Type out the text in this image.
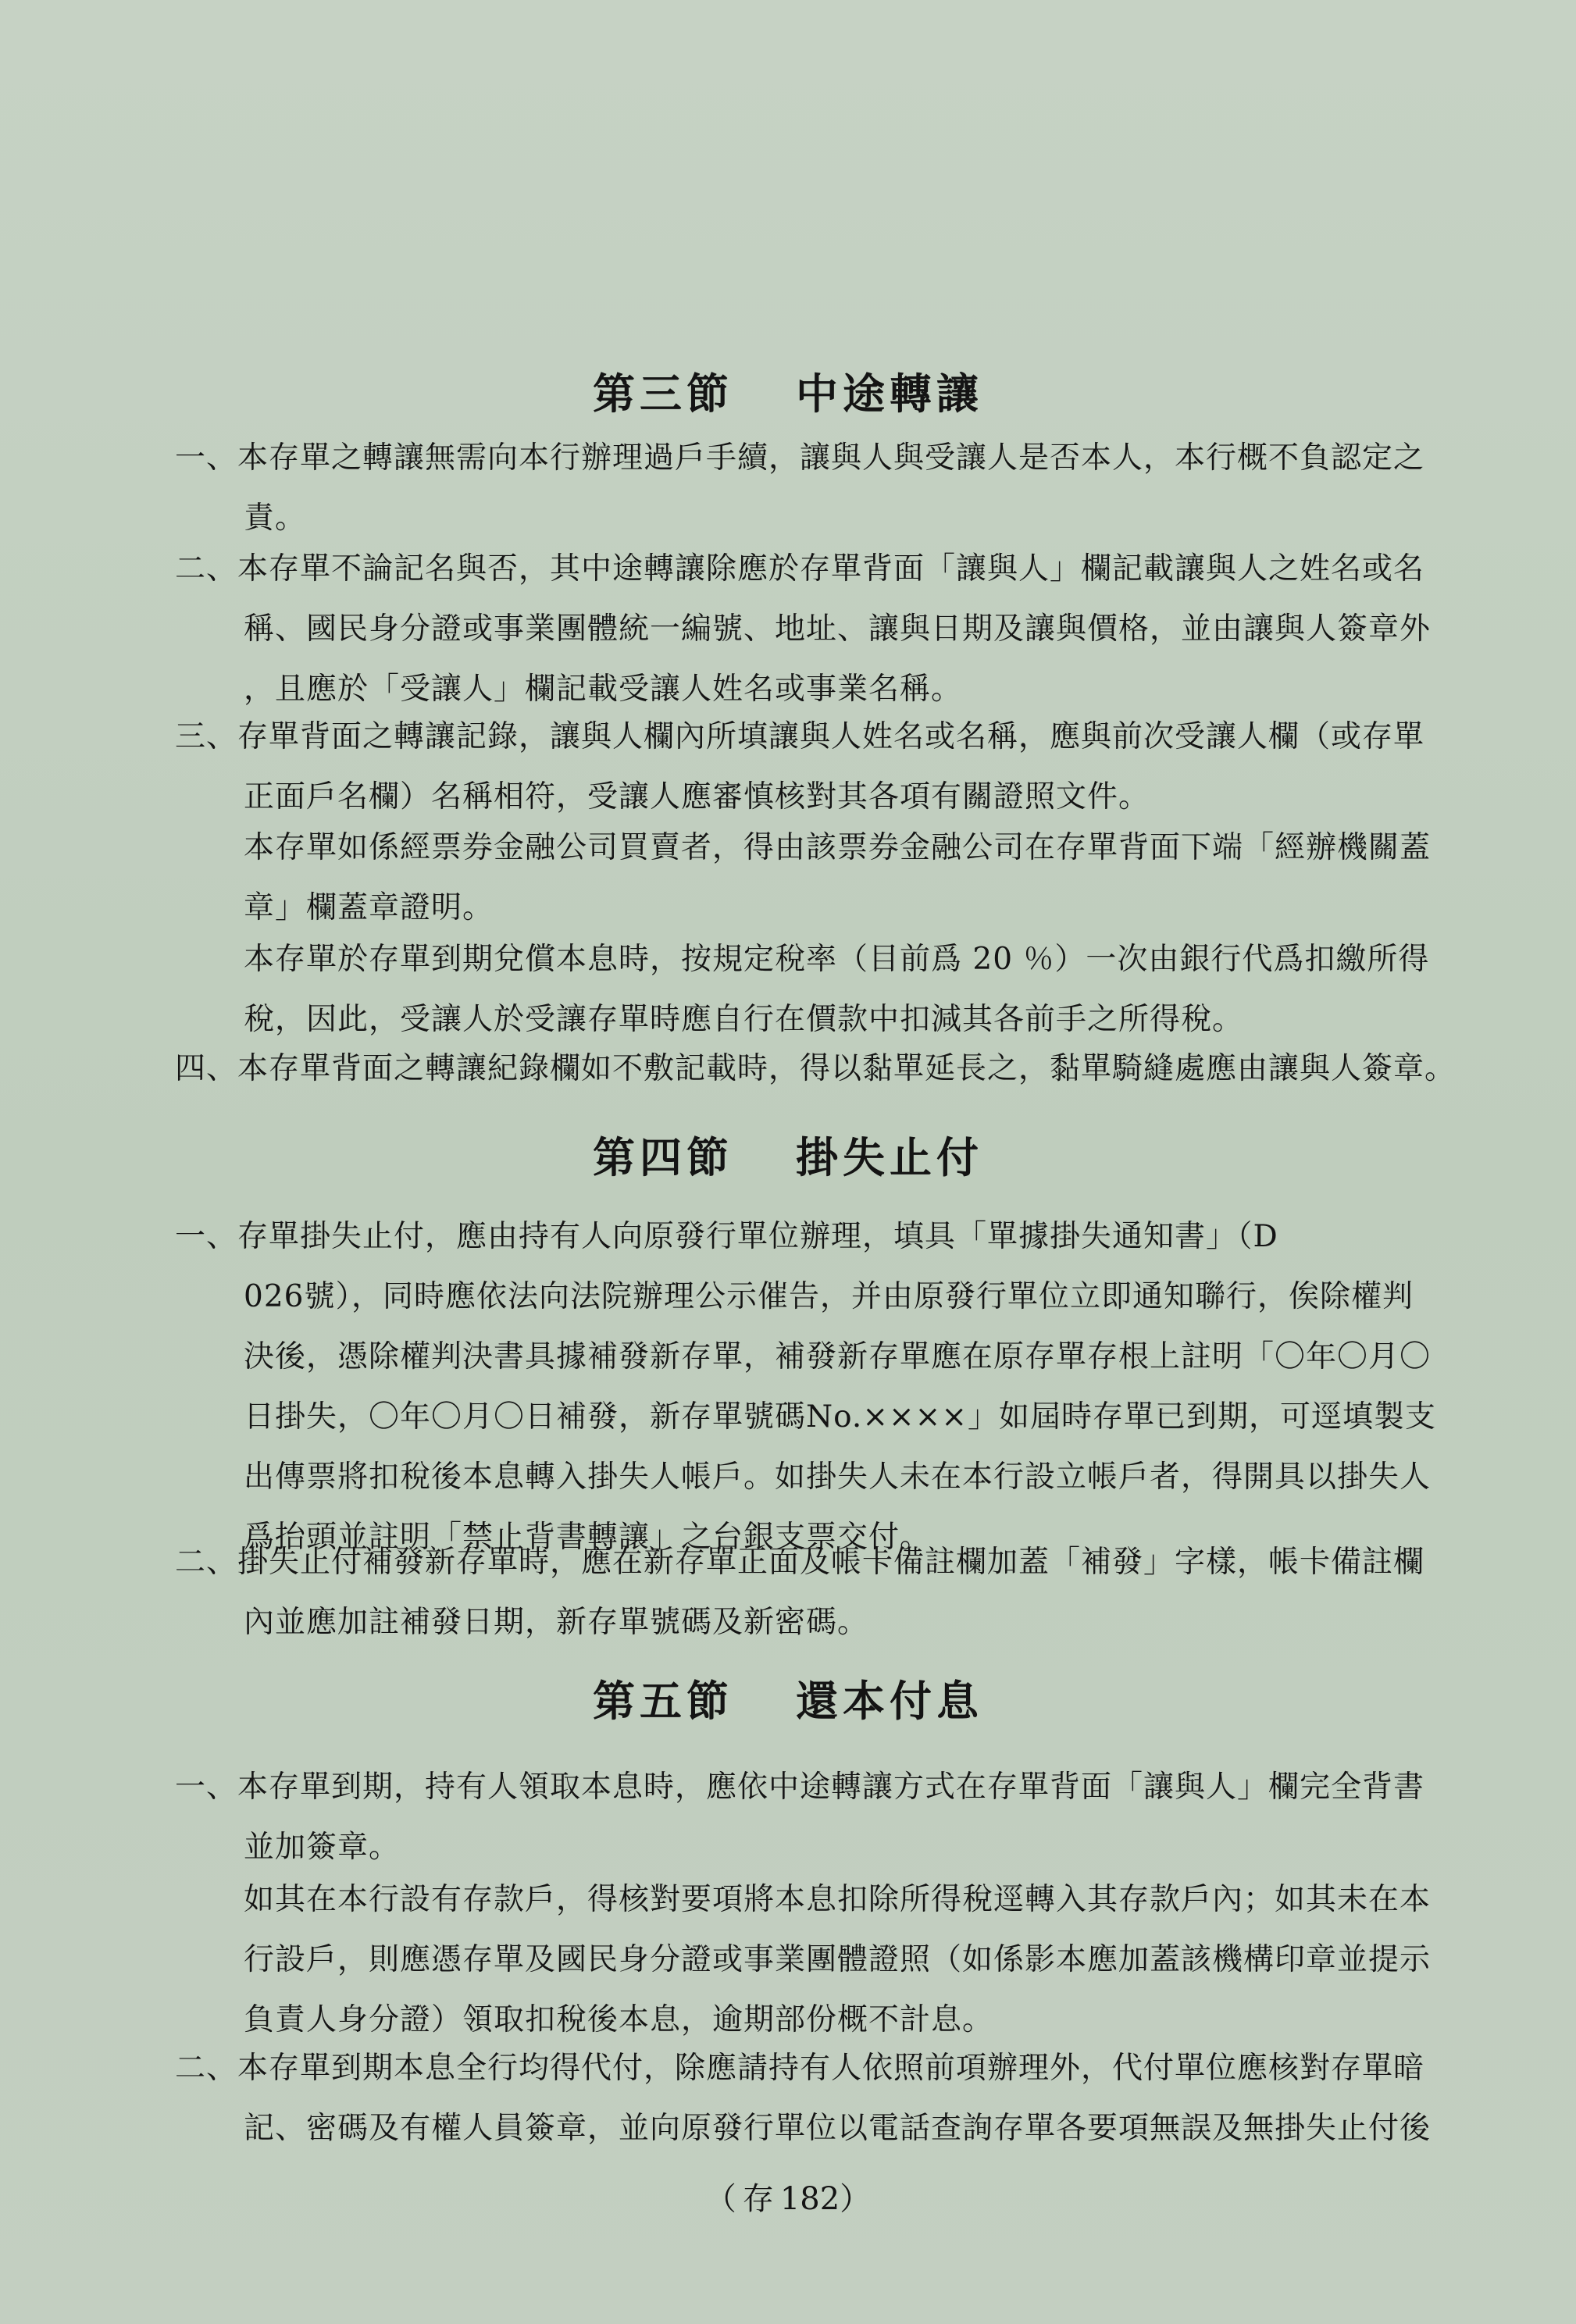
第三節 中途轉讓
一、 本存單之轉讓無需向本行辦理過戶手續，讓與人與受讓人是否本人，本行概不負認定之
責。
二、 本存單不論記名與否，其中途轉讓除應於存單背面「讓與人」欄記載讓與人之姓名或名
稱、國民身分證或事業團體統一編號、地址、讓與日期及讓與價格，並由讓與人簽章外
，且應於「受讓人」欄記載受讓人姓名或事業名稱。
三、 存單背面之轉讓記錄，讓與人欄內所填讓與人姓名或名稱，應與前次受讓人欄（或存單
正面戶名欄）名稱相符，受讓人應審慎核對其各項有關證照文件。
本存單如係經票券金融公司買賣者，得由該票券金融公司在存單背面下端「經辦機關蓋
章」欄蓋章證明。
本存單於存單到期兌償本息時，按規定稅率（目前爲 20 ％）一次由銀行代爲扣繳所得
稅，因此，受讓人於受讓存單時應自行在價款中扣減其各前手之所得稅。
四、 本存單背面之轉讓紀錄欄如不敷記載時，得以黏單延長之，黏單騎縫處應由讓與人簽章。
第四節 掛失止付
一、 存單掛失止付，應由持有人向原發行單位辦理，填具「單據掛失通知書」（D
026號），同時應依法向法院辦理公示催告，并由原發行單位立即通知聯行，俟除權判
決後，憑除權判決書具據補發新存單，補發新存單應在原存單存根上註明「〇年〇月〇
日掛失，〇年〇月〇日補發，新存單號碼No.××××」如屆時存單已到期，可逕填製支
出傳票將扣稅後本息轉入掛失人帳戶。如掛失人未在本行設立帳戶者，得開具以掛失人
爲抬頭並註明「禁止背書轉讓」之台銀支票交付。
二、 掛失止付補發新存單時，應在新存單正面及帳卡備註欄加蓋「補發」字樣，帳卡備註欄
內並應加註補發日期，新存單號碼及新密碼。
第五節 還本付息
一、 本存單到期，持有人領取本息時，應依中途轉讓方式在存單背面「讓與人」欄完全背書
並加簽章。
如其在本行設有存款戶，得核對要項將本息扣除所得稅逕轉入其存款戶內；如其未在本
行設戶，則應憑存單及國民身分證或事業團體證照（如係影本應加蓋該機構印章並提示
負責人身分證）領取扣稅後本息，逾期部份概不計息。
二、 本存單到期本息全行均得代付，除應請持有人依照前項辦理外，代付單位應核對存單暗
記、密碼及有權人員簽章，並向原發行單位以電話查詢存單各要項無誤及無掛失止付後
（ 存 182）
